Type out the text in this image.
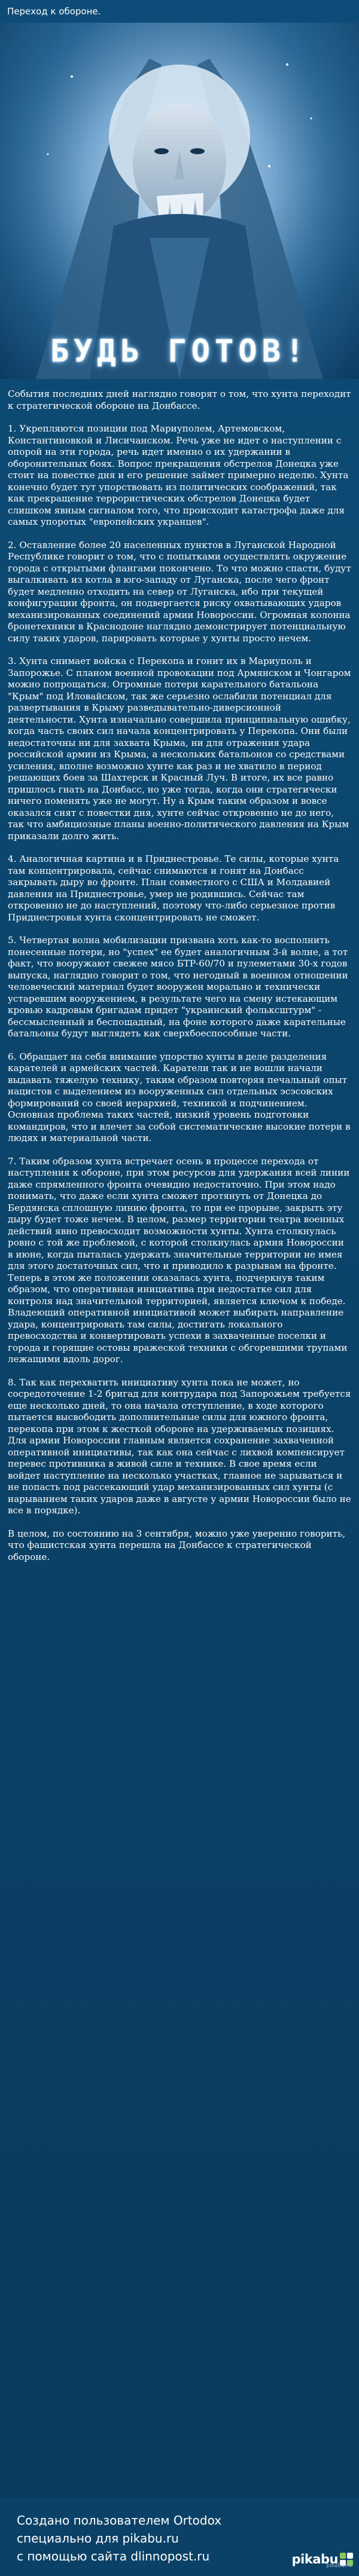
Переход к обороне.
БУДЬ ГОТОВ!

События последних дней наглядно говорят о том, что хунта переходит к стратегической обороне на Донбассе.

1. Укрепляются позиции под Мариуполем, Артемовском, Константиновкой и Лисичанском. Речь уже не идет о наступлении с опорой на эти города, речь идет именно о их удержании в оборонительных боях. Вопрос прекращения обстрелов Донецка уже стоит на повестке дня и его решение займет примерно неделю. Хунта конечно будет тут упорствовать из политических соображений, так как прекращение террористических обстрелов Донецка будет слишком явным сигналом того, что происходит катастрофа даже для самых упоротых "европейских укранцев".

2. Оставление более 20 населенных пунктов в Луганской Народной Республике говорит о том, что с попытками осуществлять окружение города с открытыми флангами покончено. То что можно спасти, будут выгалкивать из котла в юго-западу от Луганска, после чего фронт будет медленно отходить на север от Луганска, ибо при текущей конфигурации фронта, он подвергается риску охватывающих ударов механизированных соединений армии Новороссии. Огромная колонна бронетехники в Краснодоне наглядно демонстрирует потенциальную силу таких ударов, парировать которые у хунты просто нечем.

3. Хунта снимает войска с Перекопа и гонит их в Мариуполь и Запорожье. С планом военной провокации под Армянском и Чонгаром можно попрощаться. Огромные потери карательного батальона "Крым" под Иловайском, так же серьезно ослабили потенциал для развертывания в Крыму разведывательно-диверсионной деятельности. Хунта изначально совершила принципиальную ошибку, когда часть своих сил начала концентрировать у Перекопа. Они были недостаточны ни для захвата Крыма, ни для отражения удара российской армии из Крыма, а нескольких батальонов со средствами усиления, вполне возможно хунте как раз и не хватило в период решающих боев за Шахтерск и Красный Луч. В итоге, их все равно пришлось гнать на Донбасс, но уже тогда, когда они стратегически ничего поменять уже не могут. Ну а Крым таким образом и вовсе оказался снят с повестки дня, хунте сейчас откровенно не до него, так что амбициозные планы военно-политического давления на Крым приказали долго жить.

4. Аналогичная картина и в Приднестровье. Те силы, которые хунта там концентрировала, сейчас снимаются и гонят на Донбасс закрывать дыру во фронте. План совместного с США и Молдавией давления на Приднестровье, умер не родившись. Сейчас там откровенно не до наступлений, поэтому что-либо серьезное против Приднестровья хунта сконцентрировать не сможет.

5. Четвертая волна мобилизации призвана хоть как-то восполнить понесенные потери, но "успех" ее будет аналогичным 3-й волне, а тот факт, что вооружают свежее мясо БТР-60/70 и пулеметами 30-х годов выпуска, наглядно говорит о том, что негодный в военном отношении человеческий материал будет вооружен морально и технически устаревшим вооружением, в результате чего на смену истекающим кровью кадровым бригадам придет "украинский фольксштурм" - бессмысленный и беспощадный, на фоне которого даже карательные батальоны будут выглядеть как сверхбоеспособные части.

6. Обращает на себя внимание упорство хунты в деле разделения карателей и армейских частей. Каратели так и не вошли начали выдавать тяжелую технику, таким образом повторяя печальный опыт нацистов с выделением из вооруженных сил отдельных эсэсовских формирований со своей иерархией, техникой и подчинением. Основная проблема таких частей, низкий уровень подготовки командиров, что и влечет за собой систематические высокие потери в людях и материальной части.

7. Таким образом хунта встречает осень в процессе перехода от наступления к обороне, при этом ресурсов для удержания всей линии даже спрямленного фронта очевидно недостаточно. При этом надо понимать, что даже если хунта сможет протянуть от Донецка до Бердянска сплошную линию фронта, то при ее прорыве, закрыть эту дыру будет тоже нечем. В целом, размер территории театра военных действий явно превосходит возможности хунты. Хунта столкнулась ровно с той же проблемой, с которой столкнулась армия Новороссии в июне, когда пыталась удержать значительные территории не имея для этого достаточных сил, что и приводило к разрывам на фронте. Теперь в этом же положении оказалась хунта, подчеркнув таким образом, что оперативная инициатива при недостатке сил для контроля над значительной территорией, является ключом к победе. Владеющий оперативной инициативой может выбирать направление удара, концентрировать там силы, достигать локального превосходства и конвертировать успехи в захваченные поселки и города и горящие остовы вражеской техники с обгоревшими трупами лежащими вдоль дорог.

8. Так как перехватить инициативу хунта пока не может, но сосредоточение 1-2 бригад для контрудара под Запорожьем требуется еще несколько дней, то она начала отступление, в ходе которого пытается высвободить дополнительные силы для южного фронта, перекопа при этом к жесткой обороне на удерживаемых позициях. Для армии Новороссии главным является сохранение захваченной оперативной инициативы, так как она сейчас с лихвой компенсирует перевес противника в живой силе и технике. В свое время если войдет наступление на несколько участках, главное не зарываться и не попасть под рассекающий удар механизированных сил хунты (с нарыванием таких ударов даже в августе у армии Новороссии было не все в порядке).

В целом, по состоянию на 3 сентября, можно уже уверенно говорить, что фашистская хунта перешла на Донбассе к стратегической обороне.

Создано пользователем Ortodox
специально для pikabu.ru
с помощью сайта dlinnopost.ru	pikabu
pikabu.ru
